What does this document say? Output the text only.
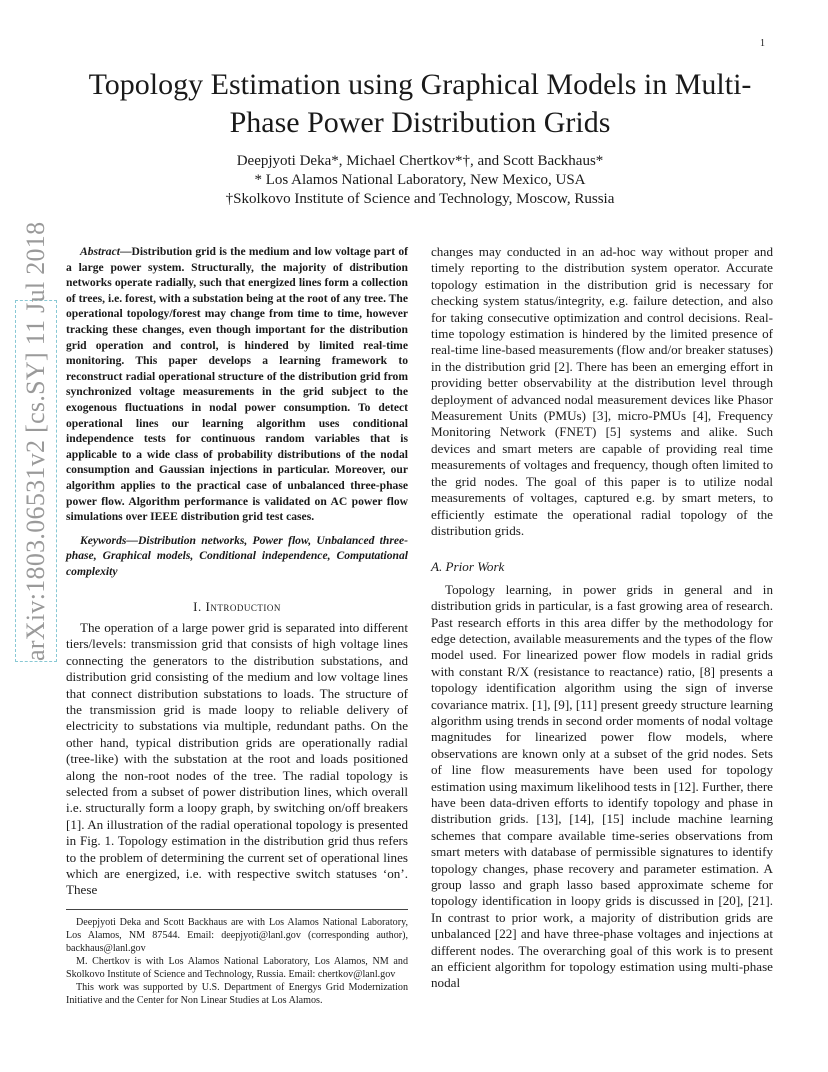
1
Topology Estimation using Graphical Models in Multi-Phase Power Distribution Grids
Deepjyoti Deka*, Michael Chertkov*†, and Scott Backhaus*
* Los Alamos National Laboratory, New Mexico, USA
†Skolkovo Institute of Science and Technology, Moscow, Russia
arXiv:1803.06531v2 [cs.SY] 11 Jul 2018	Abstract—Distribution grid is the medium and low voltage part of a large power system. Structurally, the majority of distribution networks operate radially, such that energized lines form a collection of trees, i.e. forest, with a substation being at the root of any tree. The operational topology/forest may change from time to time, however tracking these changes, even though important for the distribution grid operation and control, is hindered by limited real-time monitoring. This paper develops a learning framework to reconstruct radial operational structure of the distribution grid from synchronized voltage measurements in the grid subject to the exogenous fluctuations in nodal power consumption. To detect operational lines our learning algorithm uses conditional independence tests for continuous random variables that is applicable to a wide class of probability distributions of the nodal consumption and Gaussian injections in particular. Moreover, our algorithm applies to the practical case of unbalanced three-phase power flow. Algorithm performance is validated on AC power flow simulations over IEEE distribution grid test cases.

Keywords—Distribution networks, Power flow, Unbalanced three-phase, Graphical models, Conditional independence, Computational complexity

I. Introduction

The operation of a large power grid is separated into different tiers/levels: transmission grid that consists of high voltage lines connecting the generators to the distribution substations, and distribution grid consisting of the medium and low voltage lines that connect distribution substations to loads. The structure of the transmission grid is made loopy to reliable delivery of electricity to substations via multiple, redundant paths. On the other hand, typical distribution grids are operationally radial (tree-like) with the substation at the root and loads positioned along the non-root nodes of the tree. The radial topology is selected from a subset of power distribution lines, which overall i.e. structurally form a loopy graph, by switching on/off breakers [1]. An illustration of the radial operational topology is presented in Fig. 1. Topology estimation in the distribution grid thus refers to the problem of determining the current set of operational lines which are energized, i.e. with respective switch statuses ‘on’. These

Deepjyoti Deka and Scott Backhaus are with Los Alamos National Laboratory, Los Alamos, NM 87544. Email: deepjyoti@lanl.gov (corresponding author), backhaus@lanl.gov

M. Chertkov is with Los Alamos National Laboratory, Los Alamos, NM and Skolkovo Institute of Science and Technology, Russia. Email: chertkov@lanl.gov

This work was supported by U.S. Department of Energys Grid Modernization Initiative and the Center for Non Linear Studies at Los Alamos.

changes may conducted in an ad-hoc way without proper and timely reporting to the distribution system operator. Accurate topology estimation in the distribution grid is necessary for checking system status/integrity, e.g. failure detection, and also for taking consecutive optimization and control decisions. Real-time topology estimation is hindered by the limited presence of real-time line-based measurements (flow and/or breaker statuses) in the distribution grid [2]. There has been an emerging effort in providing better observability at the distribution level through deployment of advanced nodal measurement devices like Phasor Measurement Units (PMUs) [3], micro-PMUs [4], Frequency Monitoring Network (FNET) [5] systems and alike. Such devices and smart meters are capable of providing real time measurements of voltages and frequency, though often limited to the grid nodes. The goal of this paper is to utilize nodal measurements of voltages, captured e.g. by smart meters, to efficiently estimate the operational radial topology of the distribution grids.

A. Prior Work

Topology learning, in power grids in general and in distribution grids in particular, is a fast growing area of research. Past research efforts in this area differ by the methodology for edge detection, available measurements and the types of the flow model used. For linearized power flow models in radial grids with constant R/X (resistance to reactance) ratio, [8] presents a topology identification algorithm using the sign of inverse covariance matrix. [1], [9], [11] present greedy structure learning algorithm using trends in second order moments of nodal voltage magnitudes for linearized power flow models, where observations are known only at a subset of the grid nodes. Sets of line flow measurements have been used for topology estimation using maximum likelihood tests in [12]. Further, there have been data-driven efforts to identify topology and phase in distribution grids. [13], [14], [15] include machine learning schemes that compare available time-series observations from smart meters with database of permissible signatures to identify topology changes, phase recovery and parameter estimation. A group lasso and graph lasso based approximate scheme for topology identification in loopy grids is discussed in [20], [21]. In contrast to prior work, a majority of distribution grids are unbalanced [22] and have three-phase voltages and injections at different nodes. The overarching goal of this work is to present an efficient algorithm for topology estimation using multi-phase nodal
